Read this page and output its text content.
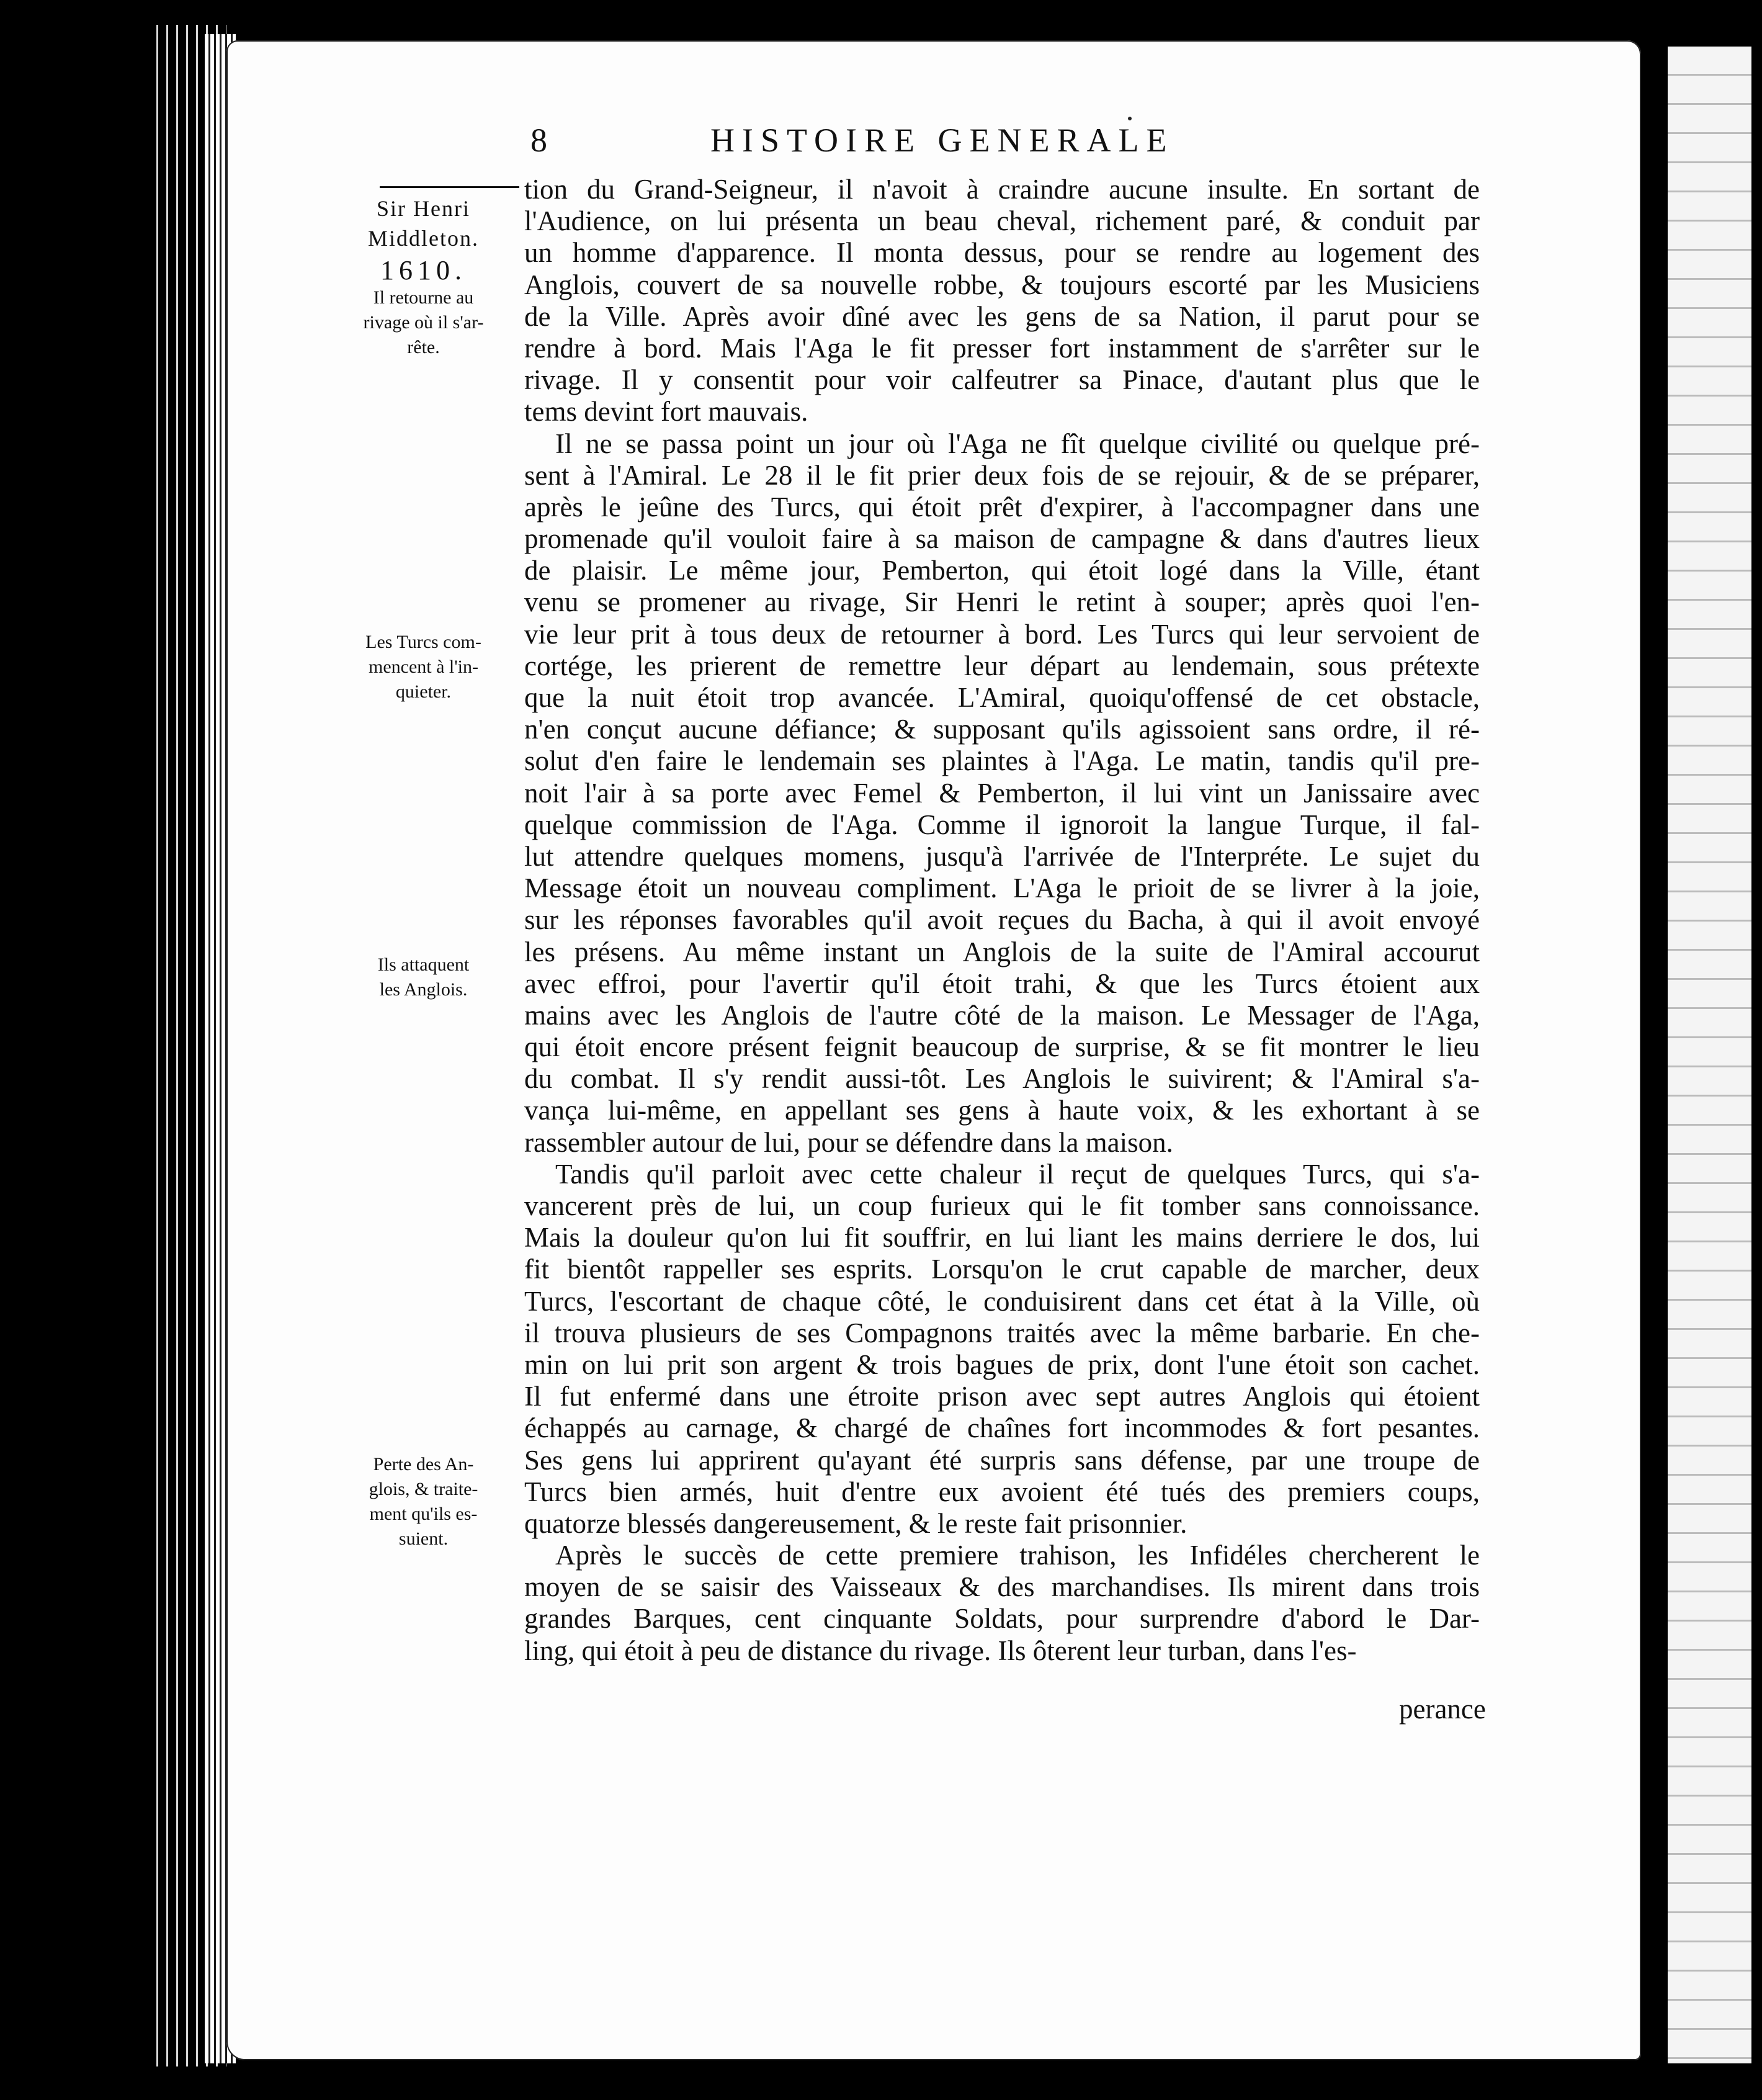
8	HISTOIRE GENERALE
Sir Henri
Middleton.
1610.
Il retourne au
rivage où il s'ar-
rête.
Les Turcs com-
mencent à l'in-
quieter.
Ils attaquent
les Anglois.
Perte des An-
glois, & traite-
ment qu'ils es-
suient.
tion du Grand-Seigneur, il n'avoit à craindre aucune insulte. En sortant de
l'Audience, on lui présenta un beau cheval, richement paré, & conduit par
un homme d'apparence. Il monta dessus, pour se rendre au logement des
Anglois, couvert de sa nouvelle robbe, & toujours escorté par les Musiciens
de la Ville. Après avoir dîné avec les gens de sa Nation, il parut pour se
rendre à bord. Mais l'Aga le fit presser fort instamment de s'arrêter sur le
rivage. Il y consentit pour voir calfeutrer sa Pinace, d'autant plus que le
tems devint fort mauvais.
Il ne se passa point un jour où l'Aga ne fît quelque civilité ou quelque pré-
sent à l'Amiral. Le 28 il le fit prier deux fois de se rejouir, & de se préparer,
après le jeûne des Turcs, qui étoit prêt d'expirer, à l'accompagner dans une
promenade qu'il vouloit faire à sa maison de campagne & dans d'autres lieux
de plaisir. Le même jour, Pemberton, qui étoit logé dans la Ville, étant
venu se promener au rivage, Sir Henri le retint à souper; après quoi l'en-
vie leur prit à tous deux de retourner à bord. Les Turcs qui leur servoient de
cortége, les prierent de remettre leur départ au lendemain, sous prétexte
que la nuit étoit trop avancée. L'Amiral, quoiqu'offensé de cet obstacle,
n'en conçut aucune défiance; & supposant qu'ils agissoient sans ordre, il ré-
solut d'en faire le lendemain ses plaintes à l'Aga. Le matin, tandis qu'il pre-
noit l'air à sa porte avec Femel & Pemberton, il lui vint un Janissaire avec
quelque commission de l'Aga. Comme il ignoroit la langue Turque, il fal-
lut attendre quelques momens, jusqu'à l'arrivée de l'Interpréte. Le sujet du
Message étoit un nouveau compliment. L'Aga le prioit de se livrer à la joie,
sur les réponses favorables qu'il avoit reçues du Bacha, à qui il avoit envoyé
les présens. Au même instant un Anglois de la suite de l'Amiral accourut
avec effroi, pour l'avertir qu'il étoit trahi, & que les Turcs étoient aux
mains avec les Anglois de l'autre côté de la maison. Le Messager de l'Aga,
qui étoit encore présent feignit beaucoup de surprise, & se fit montrer le lieu
du combat. Il s'y rendit aussi-tôt. Les Anglois le suivirent; & l'Amiral s'a-
vança lui-même, en appellant ses gens à haute voix, & les exhortant à se
rassembler autour de lui, pour se défendre dans la maison.
Tandis qu'il parloit avec cette chaleur il reçut de quelques Turcs, qui s'a-
vancerent près de lui, un coup furieux qui le fit tomber sans connoissance.
Mais la douleur qu'on lui fit souffrir, en lui liant les mains derriere le dos, lui
fit bientôt rappeller ses esprits. Lorsqu'on le crut capable de marcher, deux
Turcs, l'escortant de chaque côté, le conduisirent dans cet état à la Ville, où
il trouva plusieurs de ses Compagnons traités avec la même barbarie. En che-
min on lui prit son argent & trois bagues de prix, dont l'une étoit son cachet.
Il fut enfermé dans une étroite prison avec sept autres Anglois qui étoient
échappés au carnage, & chargé de chaînes fort incommodes & fort pesantes.
Ses gens lui apprirent qu'ayant été surpris sans défense, par une troupe de
Turcs bien armés, huit d'entre eux avoient été tués des premiers coups,
quatorze blessés dangereusement, & le reste fait prisonnier.
Après le succès de cette premiere trahison, les Infidéles chercherent le
moyen de se saisir des Vaisseaux & des marchandises. Ils mirent dans trois
grandes Barques, cent cinquante Soldats, pour surprendre d'abord le Dar-
ling, qui étoit à peu de distance du rivage. Ils ôterent leur turban, dans l'es-
perance
